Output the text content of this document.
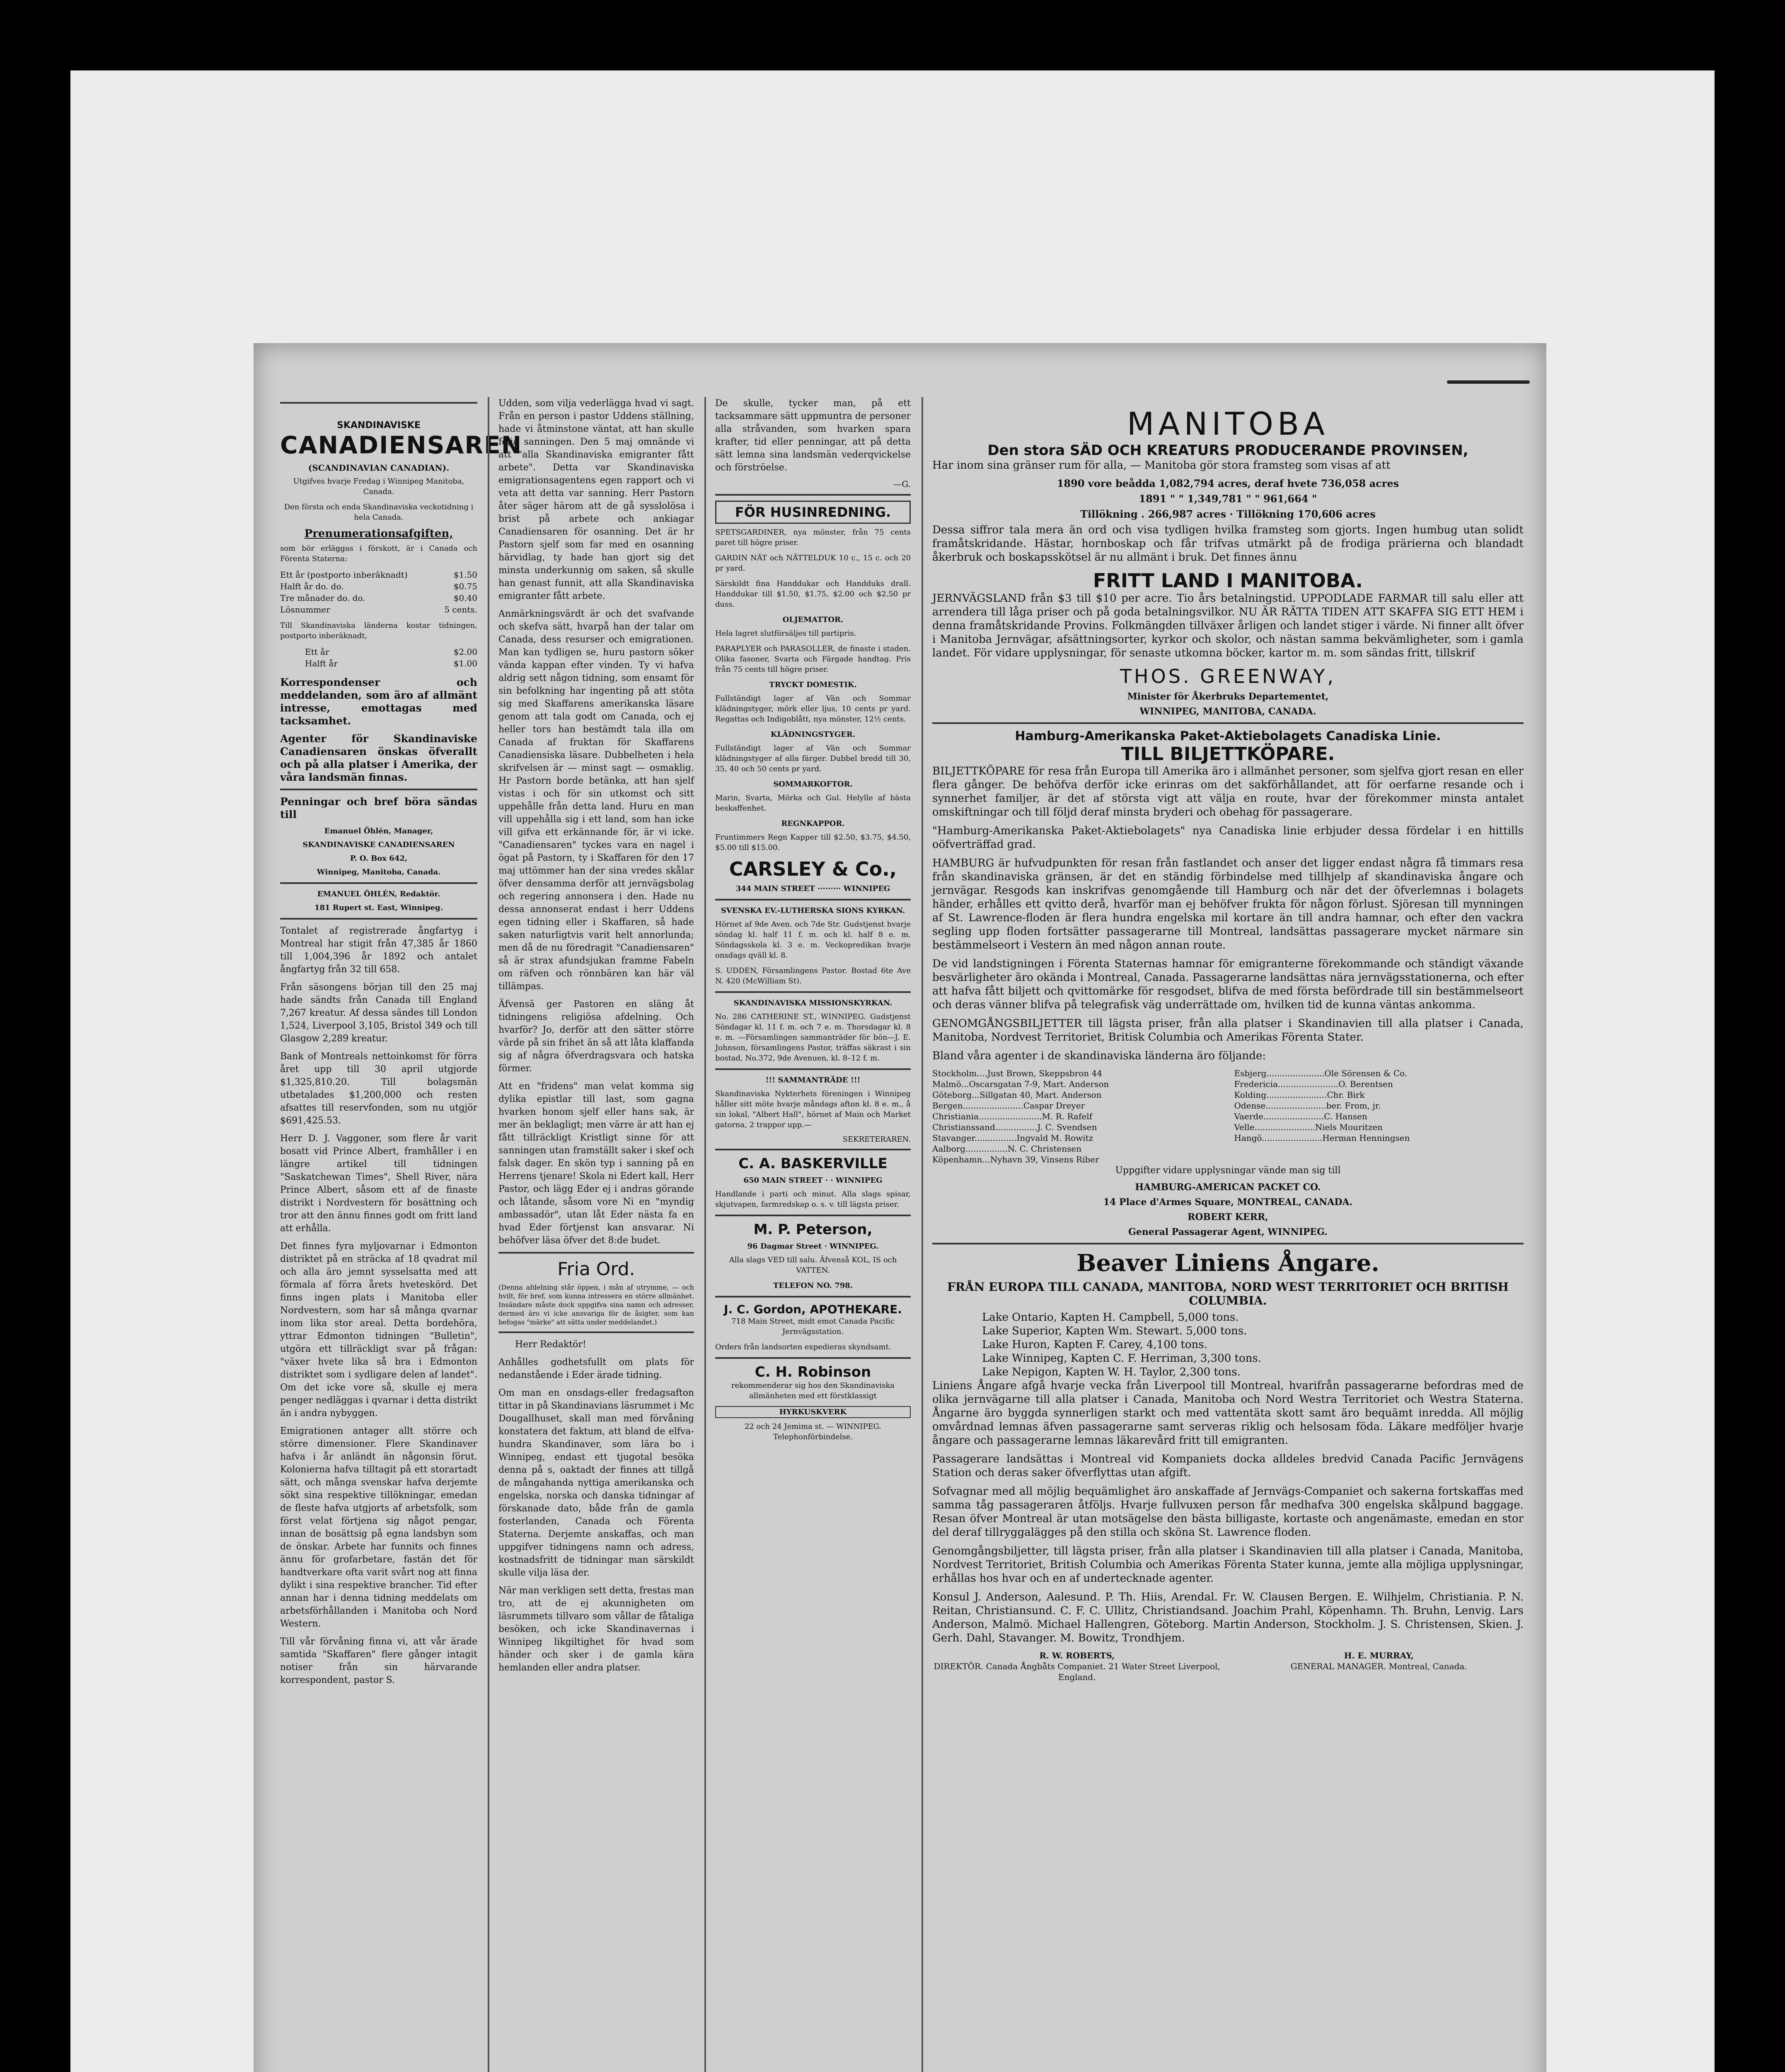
SKANDINAVISKE
CANADIENSAREN
(SCANDINAVIAN CANADIAN).

Utgifves hvarje Fredag i Winnipeg Manitoba, Canada.

Den första och enda Skandinaviska veckotidning i hela Canada.

Prenumerationsafgiften,

som bör erläggas i förskott, är i Canada och Förenta Staterna:

Ett år (postporto inberäknadt)	$1.50
Halft år do. do.	$0.75
Tre månader do. do.	$0.40
Lösnummer	5 cents.

Till Skandinaviska länderna kostar tidningen, postporto inberäknadt,

Ett år	$2.00
Halft år	$1.00

Korrespondenser och meddelanden, som äro af allmänt intresse, emottagas med tacksamhet.

Agenter för Skandinaviske Canadiensaren önskas öfverallt och på alla platser i Amerika, der våra landsmän finnas.

Penningar och bref böra sändas till

Emanuel Öhlén, Manager,
SKANDINAVISKE CANADIENSAREN
P. O. Box 642,
Winnipeg, Manitoba, Canada.
EMANUEL ÖHLÉN, Redaktör.
181 Rupert st. East, Winnipeg.

Tontalet af registrerade ångfartyg i Montreal har stigit från 47,385 år 1860 till 1,004,396 år 1892 och antalet ångfartyg från 32 till 658.

Från säsongens början till den 25 maj hade sändts från Canada till England 7,267 kreatur. Af dessa sändes till London 1,524, Liverpool 3,105, Bristol 349 och till Glasgow 2,289 kreatur.

Bank of Montreals nettoinkomst för förra året upp till 30 april utgjorde $1,325,810.20. Till bolagsmän utbetalades $1,200,000 och resten afsattes till reservfonden, som nu utgjör $691,425.53.

Herr D. J. Vaggoner, som flere år varit bosatt vid Prince Albert, framhåller i en längre artikel till tidningen "Saskatchewan Times", Shell River, nära Prince Albert, såsom ett af de finaste distrikt i Nordvestern för bosättning och tror att den ännu finnes godt om fritt land att erhålla.

Det finnes fyra myljovarnar i Edmonton distriktet på en sträcka af 18 qvadrat mil och alla äro jemnt sysselsatta med att förmala af förra årets hveteskörd. Det finns ingen plats i Manitoba eller Nordvestern, som har så många qvarnar inom lika stor areal. Detta bordehöra, yttrar Edmonton tidningen "Bulletin", utgöra ett tillräckligt svar på frågan: "växer hvete lika så bra i Edmonton distriktet som i sydligare delen af landet". Om det icke vore så, skulle ej mera penger nedläggas i qvarnar i detta distrikt än i andra nybyggen.

Emigrationen antager allt större och större dimensioner. Flere Skandinaver hafva i år anländt än någonsin förut. Kolonierna hafva tilltagit på ett storartadt sätt, och många svenskar hafva derjemte sökt sina respektive tillökningar, emedan de fleste hafva utgjorts af arbetsfolk, som först velat förtjena sig något pengar, innan de bosättsig på egna landsbyn som de önskar. Arbete har funnits och finnes ännu för grofarbetare, fastän det för handtverkare ofta varit svårt nog att finna dylikt i sina respektive brancher. Tid efter annan har i denna tidning meddelats om arbetsförhållanden i Manitoba och Nord Western.

Till vår förvåning finna vi, att vår ärade samtida "Skaffaren" flere gånger intagit notiser från sin härvarande korrespondent, pastor S.

Udden, som vilja vederlägga hvad vi sagt. Från en person i pastor Uddens ställning, hade vi åtminstone väntat, att han skulle följa sanningen. Den 5 maj omnände vi att "alla Skandinaviska emigranter fått arbete". Detta var Skandinaviska emigrationsagentens egen rapport och vi veta att detta var sanning. Herr Pastorn åter säger härom att de gå sysslolösa i brist på arbete och ankiagar Canadiensaren för osanning. Det är hr Pastorn sjelf som far med en osanning härvidlag, ty hade han gjort sig det minsta underkunnig om saken, så skulle han genast funnit, att alla Skandinaviska emigranter fått arbete.

Anmärkningsvärdt är och det svafvande och skefva sätt, hvarpå han der talar om Canada, dess resurser och emigrationen. Man kan tydligen se, huru pastorn söker vända kappan efter vinden. Ty vi hafva aldrig sett någon tidning, som ensamt för sin befolkning har ingenting på att stöta sig med Skaffarens amerikanska läsare genom att tala godt om Canada, och ej heller tors han bestämdt tala illa om Canada af fruktan för Skaffarens Canadiensiska läsare. Dubbelheten i hela skrifvelsen är — minst sagt — osmaklig. Hr Pastorn borde betänka, att han sjelf vistas i och för sin utkomst och sitt uppehålle från detta land. Huru en man vill uppehålla sig i ett land, som han icke vill gifva ett erkännande för, är vi icke. "Canadiensaren" tyckes vara en nagel i ögat på Pastorn, ty i Skaffaren för den 17 maj uttömmer han der sina vredes skålar öfver densamma derför att jernvägsbolag och regering annonsera i den. Hade nu dessa annonserat endast i herr Uddens egen tidning eller i Skaffaren, så hade saken naturligtvis varit helt annorlunda; men då de nu föredragit "Canadiensaren" så är strax afundsjukan framme Fabeln om räfven och rönnbären kan här väl tillämpas.

Äfvensä ger Pastoren en släng åt tidningens religiösa afdelning. Och hvarför? Jo, derför att den sätter större värde på sin frihet än så att låta klaffanda sig af några öfverdragsvara och hatska förmer.

Att en "fridens" man velat komma sig dylika epistlar till last, som gagna hvarken honom sjelf eller hans sak, är mer än beklagligt; men värre är att han ej fått tillräckligt Kristligt sinne för att sanningen utan framställt saker i skef och falsk dager. En skön typ i sanning på en Herrens tjenare! Skola ni Edert kall, Herr Pastor, och lägg Eder ej i andras görande och låtande, såsom vore Ni en "myndig ambassadör", utan låt Eder nästa fa en hvad Eder förtjenst kan ansvarar. Ni behöfver läsa öfver det 8:de budet.

Fria Ord.

(Denna afdelning står öppen, i mån af utrymme, — och hvilt, för bref, som kunna intressera en större allmänhet. Insändare måste dock uppgifva sina namn och adresser, dermed äro vi icke ansvariga för de åsigter, som kan befogas "märke" att sätta under meddelandet.)

Herr Redaktör!

Anhålles godhetsfullt om plats för nedanstående i Eder ärade tidning.

Om man en onsdags-eller fredagsafton tittar in på Skandinavians läsrummet i Mc Dougallhuset, skall man med förvåning konstatera det faktum, att bland de elfva-hundra Skandinaver, som lära bo i Winnipeg, endast ett tjugotal besöka denna på s, oaktadt der finnes att tillgå de mångahanda nyttiga amerikanska och engelska, norska och danska tidningar af förskanade dato, både från de gamla fosterlanden, Canada och Förenta Staterna. Derjemte anskaffas, och man uppgifver tidningens namn och adress, kostnadsfritt de tidningar man särskildt skulle vilja läsa der.

När man verkligen sett detta, frestas man tro, att de ej akunnigheten om läsrummets tillvaro som vållar de fåtaliga besöken, och icke Skandinavernas i Winnipeg likgiltighet för hvad som händer och sker i de gamla kära hemlanden eller andra platser.

De skulle, tycker man, på ett tacksammare sätt uppmuntra de personer alla stråvanden, som hvarken spara krafter, tid eller penningar, att på detta sätt lemna sina landsmän vederqvickelse och förströelse.

—G.
FÖR HUSINREDNING.

SPETSGARDINER, nya mönster, från 75 cents paret till högre priser.

GARDIN NÄT och NÄTTELDUK 10 c., 15 c. och 20 pr yard.

Särskildt fina Handdukar och Handduks drall. Handdukar till $1.50, $1.75, $2.00 och $2.50 pr duss.

OLJEMATTOR.

Hela lagret slutförsäljes till partipris.

PARAPLYER och PARASOLLER, de finaste i staden. Olika fasoner, Svarta och Färgade handtag. Pris från 75 cents till högre priser.

TRYCKT DOMESTIK.

Fullständigt lager af Vän och Sommar klädningstyger, mörk eller ljus, 10 cents pr yard. Regattas och Indigoblått, nya mönster, 12½ cents.

KLÄDNINGSTYGER.

Fullständigt lager af Vän och Sommar klädningstyger af alla färger. Dubbel bredd till 30, 35, 40 och 50 cents pr yard.

SOMMARKOFTOR.

Marin, Svarta, Mörka och Gul. Helylle af bästa beskaffenhet.

REGNKAPPOR.

Fruntimmers Regn Kapper till $2.50, $3.75, $4.50, $5.00 till $15.00.

CARSLEY & Co.,
344 MAIN STREET ········· WINNIPEG
SVENSKA EV.-LUTHERSKA SIONS KYRKAN.

Hörnet af 9de Aven. och 7de Str. Gudstjenst hvarje söndag kl. half 11 f. m. och kl. half 8 e. m. Söndagsskola kl. 3 e. m. Veckopredikan hvarje onsdags qväll kl. 8.

S. UDDEN, Församlingens Pastor. Bostad 6te Ave N. 420 (McWilliam St).

SKANDINAVISKA MISSIONSKYRKAN.

No. 286 CATHERINE ST., WINNIPEG. Gudstjenst Söndagar kl. 11 f. m. och 7 e. m. Thorsdagar kl. 8 e. m. —Församlingen sammanträder för bön—J. E. Johnson, församlingens Pastor, träffas säkrast i sin bostad, No.372, 9de Avenuen, kl. 8–12 f. m.

!!! SAMMANTRÄDE !!!

Skandinaviska Nykterhets föreningen i Winnipeg håller sitt möte hvarje måndags afton kl. 8 e. m., å sin lokal, "Albert Hall", hörnet af Main och Market gatorna, 2 trappor upp.—

SEKRETERAREN.
C. A. BASKERVILLE
650 MAIN STREET · · WINNIPEG

Handlande i parti och minut. Alla slags spisar, skjutvapen, farmredskap o. s. v. till lägsta priser.

M. P. Peterson,
96 Dagmar Street · WINNIPEG.

Alla slags VED till salu. Äfvenså KOL, IS och VATTEN.

TELEFON NO. 798.
J. C. Gordon, APOTHEKARE.

718 Main Street, midt emot Canada Pacific Jernvägsstation.

Orders från landsorten expedieras skyndsamt.

C. H. Robinson

rekommenderar sig hos den Skandinaviska allmänheten med ett förstklassigt

HYRKUSKVERK

22 och 24 Jemima st. — WINNIPEG. Telephonförbindelse.

MANITOBA
Den stora SÄD OCH KREATURS PRODUCERANDE PROVINSEN,

Har inom sina gränser rum för alla, — Manitoba gör stora framsteg som visas af att

1890 vore beådda 1,082,794 acres, deraf hvete 736,058 acres
1891 " " 1,349,781 " " 961,664 "
Tillökning . 266,987 acres · Tillökning 170,606 acres

Dessa siffror tala mera än ord och visa tydligen hvilka framsteg som gjorts. Ingen humbug utan solidt framåtskridande. Hästar, hornboskap och får trifvas utmärkt på de frodiga prärierna och blandadt åkerbruk och boskapsskötsel är nu allmänt i bruk. Det finnes ännu

FRITT LAND I MANITOBA.

JERNVÄGSLAND från $3 till $10 per acre. Tio års betalningstid. UPPODLADE FARMAR till salu eller att arrendera till låga priser och på goda betalningsvilkor. NU ÄR RÄTTA TIDEN ATT SKAFFA SIG ETT HEM i denna framåtskridande Provins. Folkmängden tillväxer årligen och landet stiger i värde. Ni finner allt öfver i Manitoba Jernvägar, afsättningsorter, kyrkor och skolor, och nästan samma bekvämligheter, som i gamla landet. För vidare upplysningar, för senaste utkomna böcker, kartor m. m. som sändas fritt, tillskrif

THOS. GREENWAY,
Minister för Åkerbruks Departementet,
WINNIPEG, MANITOBA, CANADA.
Hamburg-Amerikanska Paket-Aktiebolagets Canadiska Linie.
TILL BILJETTKÖPARE.

BILJETTKÖPARE för resa från Europa till Amerika äro i allmänhet personer, som sjelfva gjort resan en eller flera gånger. De behöfva derför icke erinras om det sakförhållandet, att för oerfarne resande och i synnerhet familjer, är det af största vigt att välja en route, hvar der förekommer minsta antalet omskiftningar och till följd deraf minsta bryderi och obehag för passagerare.

"Hamburg-Amerikanska Paket-Aktiebolagets" nya Canadiska linie erbjuder dessa fördelar i en hittills oöfverträffad grad.

HAMBURG är hufvudpunkten för resan från fastlandet och anser det ligger endast några få timmars resa från skandinaviska gränsen, är det en ständig förbindelse med tillhjelp af skandinaviska ångare och jernvägar. Resgods kan inskrifvas genomgående till Hamburg och när det der öfverlemnas i bolagets händer, erhålles ett qvitto derå, hvarför man ej behöfver frukta för någon förlust. Sjöresan till mynningen af St. Lawrence-floden är flera hundra engelska mil kortare än till andra hamnar, och efter den vackra segling upp floden fortsätter passagerarne till Montreal, landsättas passagerare mycket närmare sin bestämmelseort i Vestern än med någon annan route.

De vid landstigningen i Förenta Staternas hamnar för emigranterne förekommande och ständigt växande besvärligheter äro okända i Montreal, Canada. Passagerarne landsättas nära jernvägsstationerna, och efter att hafva fått biljett och qvittomärke för resgodset, blifva de med första befördrade till sin bestämmelseort och deras vänner blifva på telegrafisk väg underrättade om, hvilken tid de kunna väntas ankomma.

GENOMGÅNGSBILJETTER till lägsta priser, från alla platser i Skandinavien till alla platser i Canada, Manitoba, Nordvest Territoriet, Britisk Columbia och Amerikas Förenta Stater.

Bland våra agenter i de skandinaviska länderna äro följande:

Stockholm....Just Brown, Skeppsbron 44
Malmö...Oscarsgatan 7-9, Mart. Anderson
Göteborg...Sillgatan 40, Mart. Anderson
Bergen.......................Caspar Dreyer
Christiania........................M. R. Rafelf
Christianssand................J. C. Svendsen
Stavanger................Ingvald M. Rowitz
Aalborg................N. C. Christensen
Köpenhamn...Nyhavn 39, Vinsens Riber
Esbjerg......................Ole Sörensen & Co.
Fredericia.......................O. Berentsen
Kolding.......................Chr. Birk
Odense.......................ber. From, jr.
Vaerde.......................C. Hansen
Velle.......................Niels Mouritzen
Hangö.......................Herman Henningsen

Uppgifter vidare upplysningar vände man sig till

HAMBURG-AMERICAN PACKET CO.
14 Place d'Armes Square, MONTREAL, CANADA.
ROBERT KERR,
General Passagerar Agent, WINNIPEG.
Beaver Liniens Ångare.
FRÅN EUROPA TILL CANADA, MANITOBA, NORD WEST TERRITORIET OCH BRITISH COLUMBIA.
Lake Ontario, Kapten H. Campbell, 5,000 tons.
Lake Superior, Kapten Wm. Stewart. 5,000 tons.
Lake Huron, Kapten F. Carey, 4,100 tons.
Lake Winnipeg, Kapten C. F. Herriman, 3,300 tons.
Lake Nepigon, Kapten W. H. Taylor, 2,300 tons.

Liniens Ångare afgå hvarje vecka från Liverpool till Montreal, hvarifrån passagerarne befordras med de olika jernvägarne till alla platser i Canada, Manitoba och Nord Westra Territoriet och Westra Staterna. Ångarne äro byggda synnerligen starkt och med vattentäta skott samt äro bequämt inredda. All möjlig omvårdnad lemnas äfven passagerarne samt serveras riklig och helsosam föda. Läkare medföljer hvarje ångare och passagerarne lemnas läkarevård fritt till emigranten.

Passagerare landsättas i Montreal vid Kompaniets docka alldeles bredvid Canada Pacific Jernvägens Station och deras saker öfverflyttas utan afgift.

Sofvagnar med all möjlig bequämlighet äro anskaffade af Jernvägs-Companiet och sakerna fortskaffas med samma tåg passageraren åtföljs. Hvarje fullvuxen person får medhafva 300 engelska skålpund baggage. Resan öfver Montreal är utan motsägelse den bästa billigaste, kortaste och angenämaste, emedan en stor del deraf tillryggalägges på den stilla och sköna St. Lawrence floden.

Genomgångsbiljetter, till lägsta priser, från alla platser i Skandinavien till alla platser i Canada, Manitoba, Nordvest Territoriet, British Columbia och Amerikas Förenta Stater kunna, jemte alla möjliga upplysningar, erhållas hos hvar och en af undertecknade agenter.

Konsul J. Anderson, Aalesund. P. Th. Hiis, Arendal. Fr. W. Clausen Bergen. E. Wilhjelm, Christiania. P. N. Reitan, Christiansund. C. F. C. Ullitz, Christiandsand. Joachim Prahl, Köpenhamn. Th. Bruhn, Lenvig. Lars Anderson, Malmö. Michael Hallengren, Göteborg. Martin Anderson, Stockholm. J. S. Christensen, Skien. J. Gerh. Dahl, Stavanger. M. Bowitz, Trondhjem.

R. W. ROBERTS,
DIREKTÖR. Canada Ångbåts Companiet. 21 Water Street Liverpool, England.
H. E. MURRAY,
GENERAL MANAGER. Montreal, Canada.
